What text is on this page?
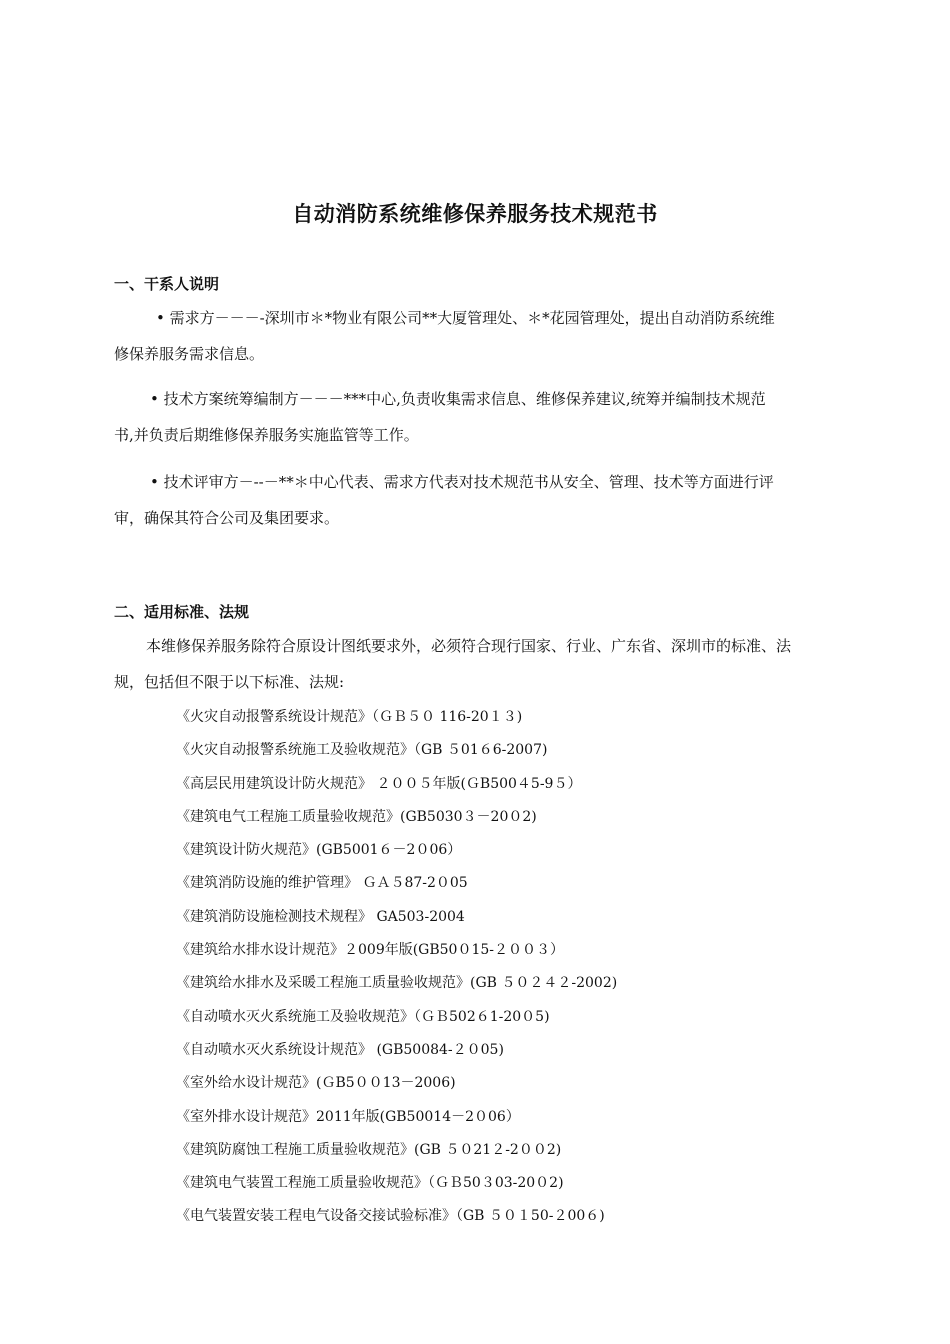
自动消防系统维修保养服务技术规范书
一、干系人说明
• 需求方－－－-深圳市＊*物业有限公司**大厦管理处、＊*花园管理处，提出自动消防系统维
修保养服务需求信息。
• 技术方案统筹编制方－－－***中心,负责收集需求信息、维修保养建议,统筹并编制技术规范
书,并负责后期维修保养服务实施监管等工作。
• 技术评审方－--－**＊中心代表、需求方代表对技术规范书从安全、管理、技术等方面进行评
审，确保其符合公司及集团要求。
二、适用标准、法规
本维修保养服务除符合原设计图纸要求外，必须符合现行国家、行业、广东省、深圳市的标准、法
规，包括但不限于以下标准、法规:
《火灾自动报警系统设计规范》（ＧＢ５０ 116-20１３)
《火灾自动报警系统施工及验收规范》（GB ５01６6-2007)
《高层民用建筑设计防火规范》 ２００５年版(ＧB500４5-9５）
《建筑电气工程施工质量验收规范》(GB5030３－20０2)
《建筑设计防火规范》(GB5001６－2０06）
《建筑消防设施的维护管理》 ＧＡ５87-2０05
《建筑消防设施检测技术规程》 GA503-2004
《建筑给水排水设计规范》２009年版(GB50０15-２００３）
《建筑给水排水及采暖工程施工质量验收规范》(GB ５０２４２-2002)
《自动喷水灭火系统施工及验收规范》（ＧＢ502６1-20０5)
《自动喷水灭火系统设计规范》 (GB50084-２０05)
《室外给水设计规范》(ＧB5００13－2006)
《室外排水设计规范》2011年版(GB50014－2０06）
《建筑防腐蚀工程施工质量验收规范》(GB ５０21２-2００2)
《建筑电气装置工程施工质量验收规范》（ＧＢ50３03-20０2)
《电气装置安装工程电气设备交接试验标准》（GB ５０１50-２00６)
